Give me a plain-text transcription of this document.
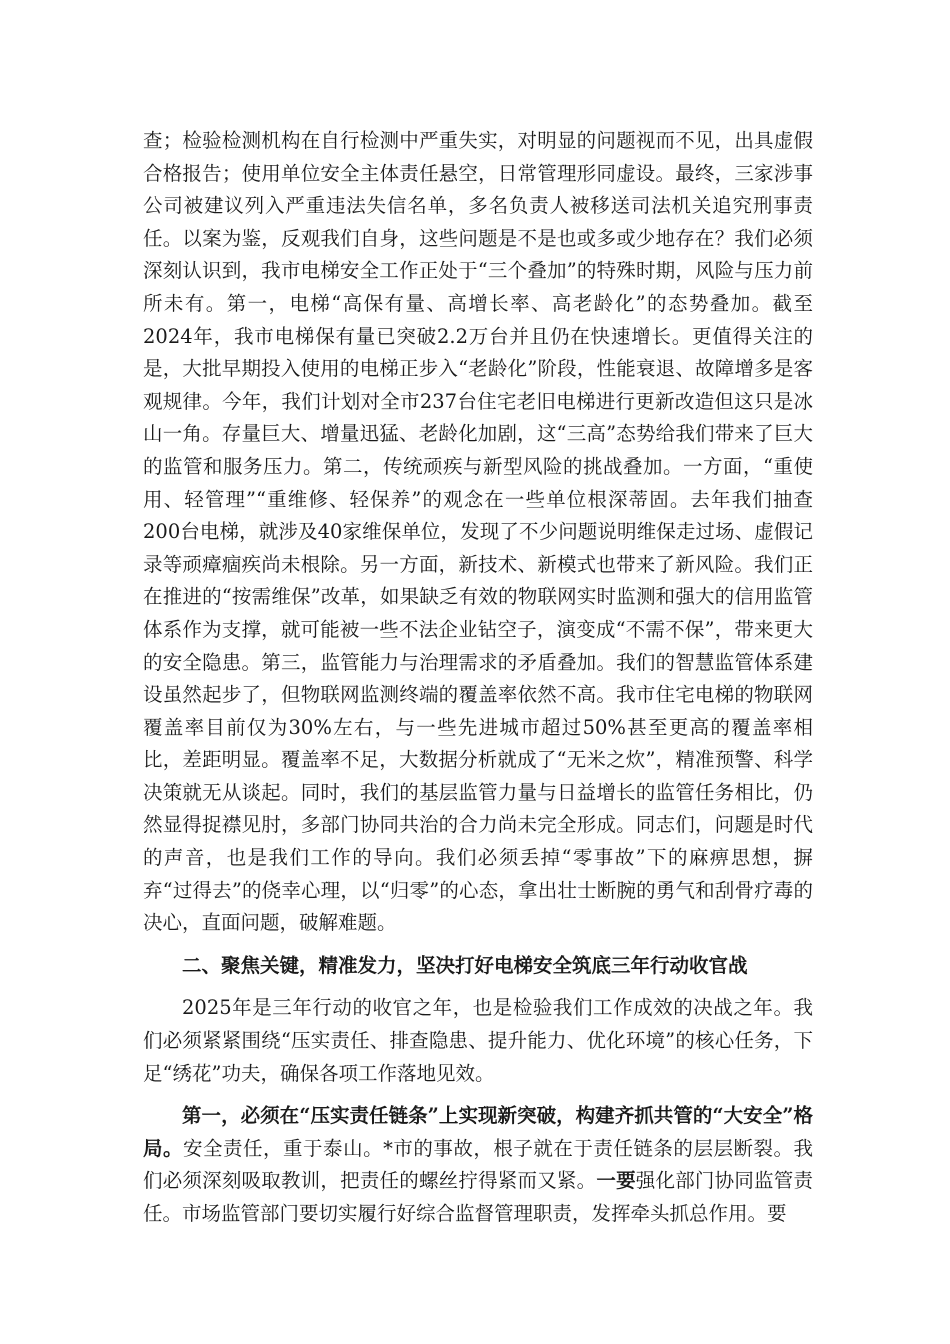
查；检验检测机构在自行检测中严重失实，对明显的问题视而不见，出具虚假合格报告；使用单位安全主体责任悬空，日常管理形同虚设。最终，三家涉事公司被建议列入严重违法失信名单，多名负责人被移送司法机关追究刑事责任。以案为鉴，反观我们自身，这些问题是不是也或多或少地存在？我们必须深刻认识到，我市电梯安全工作正处于“三个叠加”的特殊时期，风险与压力前所未有。第一，电梯“高保有量、高增长率、高老龄化”的态势叠加。截至2024年，我市电梯保有量已突破2.2万台并且仍在快速增长。更值得关注的是，大批早期投入使用的电梯正步入“老龄化”阶段，性能衰退、故障增多是客观规律。今年，我们计划对全市237台住宅老旧电梯进行更新改造但这只是冰山一角。存量巨大、增量迅猛、老龄化加剧，这“三高”态势给我们带来了巨大的监管和服务压力。第二，传统顽疾与新型风险的挑战叠加。一方面，“重使用、轻管理”“重维修、轻保养”的观念在一些单位根深蒂固。去年我们抽查200台电梯，就涉及40家维保单位，发现了不少问题说明维保走过场、虚假记录等顽瘴痼疾尚未根除。另一方面，新技术、新模式也带来了新风险。我们正在推进的“按需维保”改革，如果缺乏有效的物联网实时监测和强大的信用监管体系作为支撑，就可能被一些不法企业钻空子，演变成“不需不保”，带来更大的安全隐患。第三，监管能力与治理需求的矛盾叠加。我们的智慧监管体系建设虽然起步了，但物联网监测终端的覆盖率依然不高。我市住宅电梯的物联网覆盖率目前仅为30%左右，与一些先进城市超过50%甚至更高的覆盖率相比，差距明显。覆盖率不足，大数据分析就成了“无米之炊”，精准预警、科学决策就无从谈起。同时，我们的基层监管力量与日益增长的监管任务相比，仍然显得捉襟见肘，多部门协同共治的合力尚未完全形成。同志们，问题是时代的声音，也是我们工作的导向。我们必须丢掉“零事故”下的麻痹思想，摒弃“过得去”的侥幸心理，以“归零”的心态，拿出壮士断腕的勇气和刮骨疗毒的决心，直面问题，破解难题。

二、聚焦关键，精准发力，坚决打好电梯安全筑底三年行动收官战

2025年是三年行动的收官之年，也是检验我们工作成效的决战之年。我们必须紧紧围绕“压实责任、排查隐患、提升能力、优化环境”的核心任务，下足“绣花”功夫，确保各项工作落地见效。

第一，必须在“压实责任链条”上实现新突破，构建齐抓共管的“大安全”格局。安全责任，重于泰山。*市的事故，根子就在于责任链条的层层断裂。我们必须深刻吸取教训，把责任的螺丝拧得紧而又紧。一要强化部门协同监管责任。市场监管部门要切实履行好综合监督管理职责，发挥牵头抓总作用。要
